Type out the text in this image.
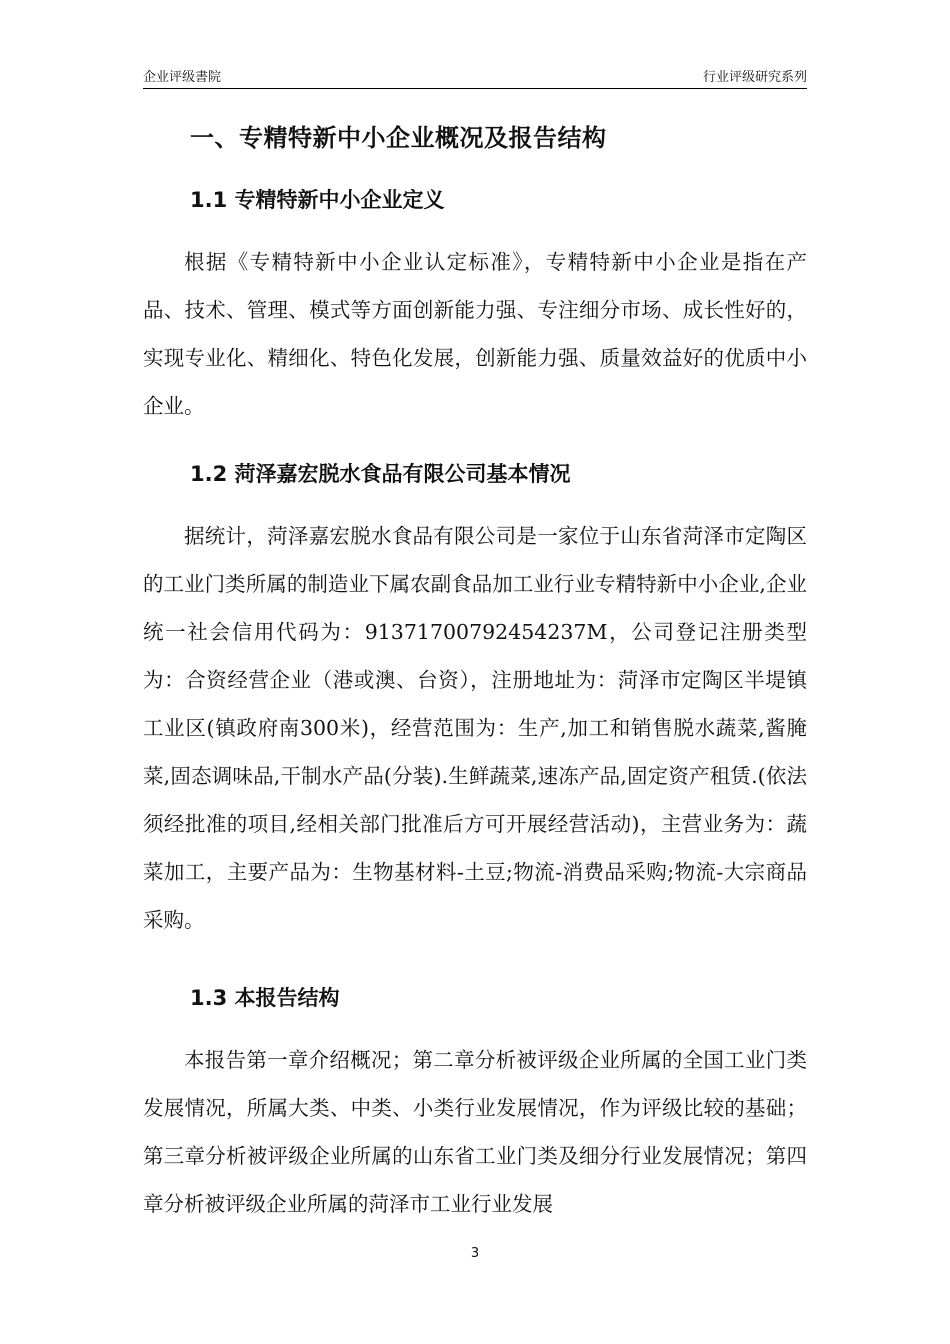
企业评级書院	行业评级研究系列
一、专精特新中小企业概况及报告结构
1.1 专精特新中小企业定义
根据《专精特新中小企业认定标准》，专精特新中小企业是指在产品、技术、管理、模式等方面创新能力强、专注细分市场、成长性好的，实现专业化、精细化、特色化发展，创新能力强、质量效益好的优质中小企业。
1.2 菏泽嘉宏脱水食品有限公司基本情况
据统计，菏泽嘉宏脱水食品有限公司是一家位于山东省菏泽市定陶区的工业门类所属的制造业下属农副食品加工业行业专精特新中小企业,企业统一社会信用代码为：91371700792454237M，公司登记注册类型为：合资经营企业（港或澳、台资），注册地址为：菏泽市定陶区半堤镇工业区(镇政府南300米)，经营范围为：生产,加工和销售脱水蔬菜,酱腌菜,固态调味品,干制水产品(分装).生鲜蔬菜,速冻产品,固定资产租赁.(依法须经批准的项目,经相关部门批准后方可开展经营活动)，主营业务为：蔬菜加工，主要产品为：生物基材料-土豆;物流-消费品采购;物流-大宗商品采购。
1.3 本报告结构
本报告第一章介绍概况；第二章分析被评级企业所属的全国工业门类发展情况，所属大类、中类、小类行业发展情况，作为评级比较的基础；第三章分析被评级企业所属的山东省工业门类及细分行业发展情况；第四章分析被评级企业所属的菏泽市工业行业发展
3
